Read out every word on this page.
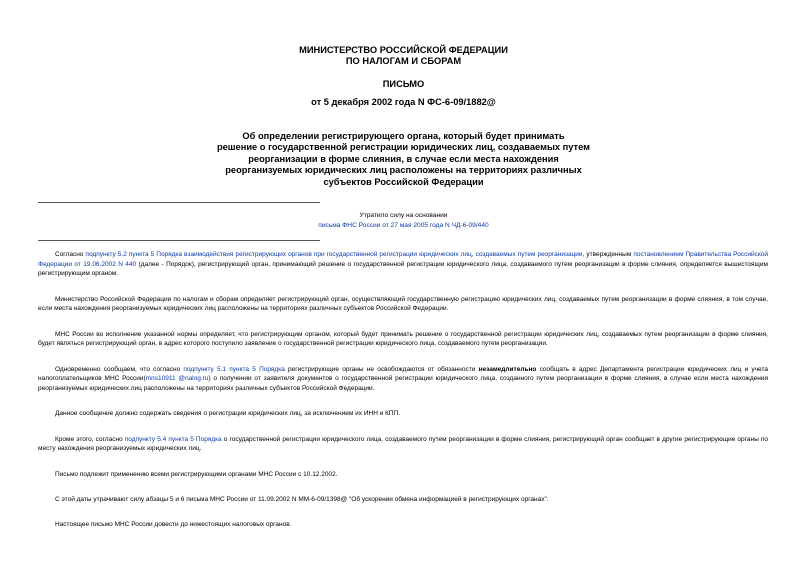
МИНИСТЕРСТВО РОССИЙСКОЙ ФЕДЕРАЦИИ
ПО НАЛОГАМ И СБОРАМ
ПИСЬМО
от 5 декабря 2002 года N ФС-6-09/1882@
Об определении регистрирующего органа, который будет принимать
решение о государственной регистрации юридических лиц, создаваемых путем
реорганизации в форме слияния, в случае если места нахождения
реорганизуемых юридических лиц расположены на территориях различных
субъектов Российской Федерации
Утратило силу на основании
письма ФНС России от 27 мая 2005 года N ЧД-6-09/440

Согласно подпункту 5.2 пункта 5 Порядка взаимодействия регистрирующих органов при государственной регистрации юридических лиц, создаваемых путем реорганизации, утвержденным постановлением Правительства Российской Федерации от 19.06.2002 N 440 (далее - Порядок), регистрирующий орган, принимающий решение о государственной регистрации юридического лица, создаваемого путем реорганизации в форме слияния, определяется вышестоящим регистрирующим органом.

Министерство Российской Федерации по налогам и сборам определяет регистрирующий орган, осуществляющий государственную регистрацию юридических лиц, создаваемых путем реорганизации в форме слияния, в том случае, если места нахождения реорганизуемых юридических лиц расположены на территориях различных субъектов Российской Федерации.

МНС России во исполнение указанной нормы определяет, что регистрирующим органом, который будет принимать решение о государственной регистрации юридических лиц, создаваемых путем реорганизации в форме слияния, будет являться регистрирующий орган, в адрес которого поступило заявление о государственной регистрации юридического лица, создаваемого путем реорганизации.

Одновременно сообщаем, что согласно подпункту 5.1 пункта 5 Порядка регистрирующие органы не освобождаются от обязанности незамедлительно сообщать в адрес Департамента регистрации юридических лиц и учета налогоплательщиков МНС России(mns10911 @nalog.ru) о получении от заявителя документов о государственной регистрации юридического лица, созданного путем реорганизации в форме слияния, в случае если места нахождения реорганизуемых юридических лиц расположены на территориях различных субъектов Российской Федерации.

Данное сообщение должно содержать сведения о регистрации юридических лиц, за исключением их ИНН и КПП.

Кроме этого, согласно подпункту 5.4 пункта 5 Порядка о государственной регистрации юридического лица, создаваемого путем реорганизации в форме слияния, регистрирующий орган сообщает в другие регистрирующие органы по месту нахождения реорганизуемых юридических лиц.

Письмо подлежит применению всеми регистрирующими органами МНС России с 10.12.2002.

С этой даты утрачивают силу абзацы 5 и 6 письма МНС России от 11.09.2002 N ММ-6-09/1398@ "Об ускорении обмена информацией в регистрирующих органах".

Настоящее письмо МНС России довести до нижестоящих налоговых органов.
